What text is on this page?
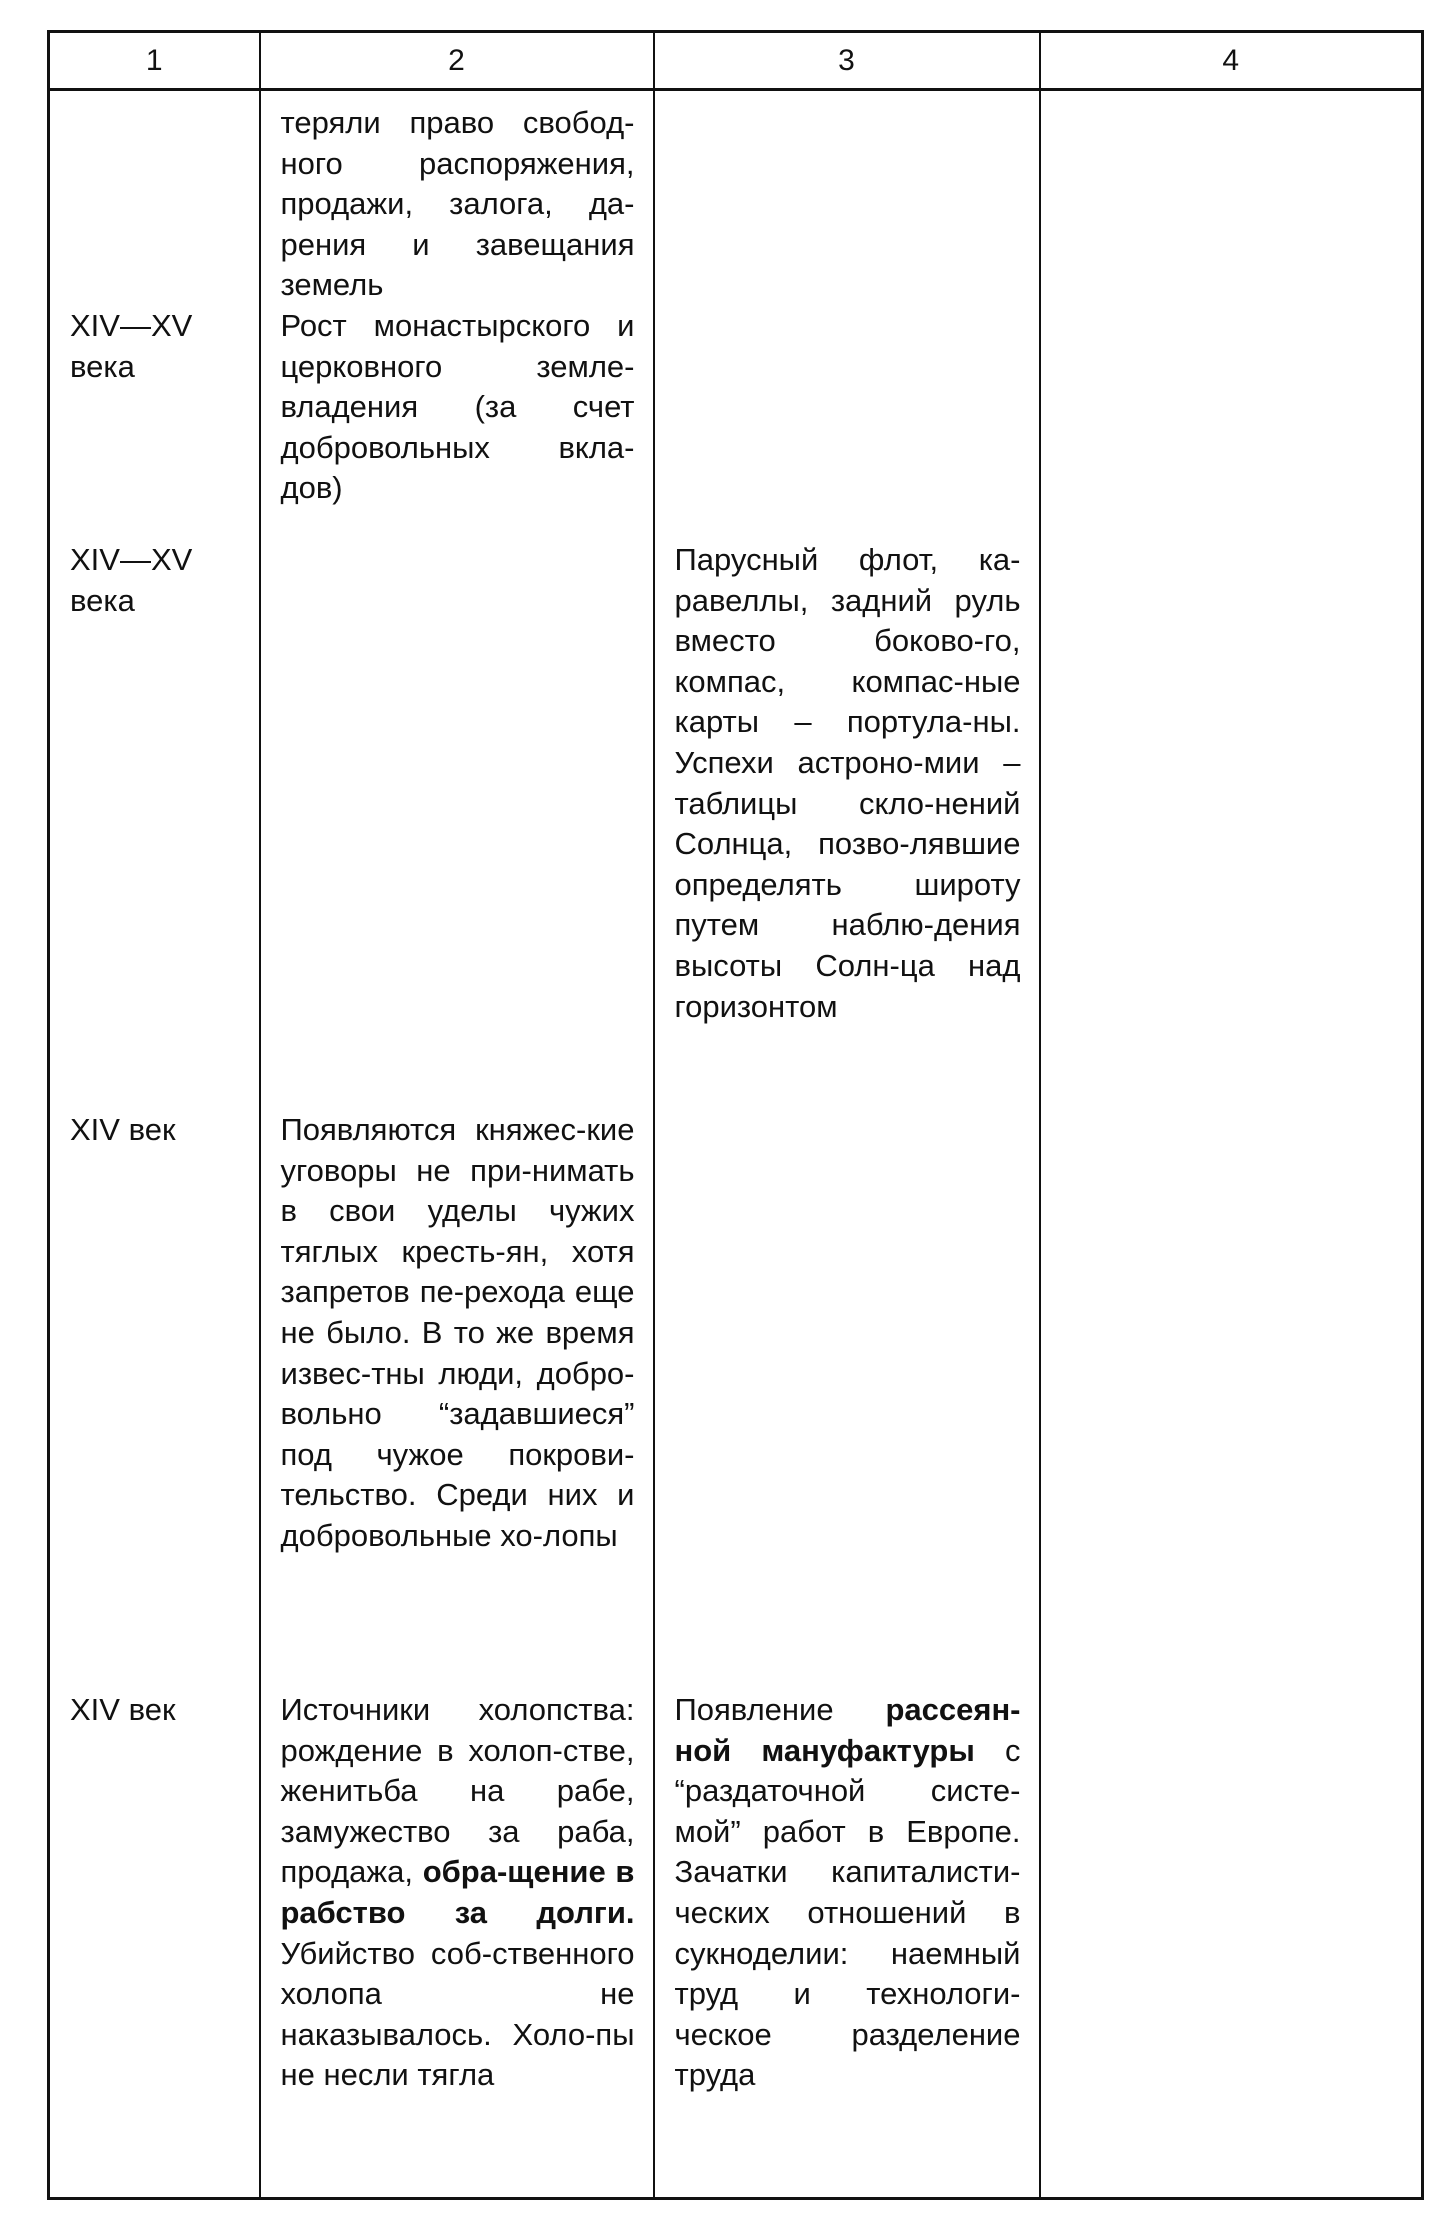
1	2	3	4

	теряли право свобод-ного распоряжения, продажи, залога, да-рения и завещания земель		

XIV—XV века	Рост монастырского и церковного земле-владения (за счет добровольных вкла-дов)		

XIV—XV века		Парусный флот, ка-равеллы, задний руль вместо боково-го, компас, компас-ные карты – портула-ны. Успехи астроно-мии – таблицы скло-нений Солнца, позво-лявшие определять широту путем наблю-дения высоты Солн-ца над горизонтом	

XIV век	Появляются княжес-кие уговоры не при-нимать в свои уделы чужих тяглых кресть-ян, хотя запретов пе-рехода еще не было. В то же время извес-тны люди, добро-вольно “задавшиеся” под чужое покрови-тельство. Среди них и добровольные хо-лопы		

XIV век	Источники холопства: рождение в холоп-стве, женитьба на рабе, замужество за раба, продажа, обра-щение в рабство за долги. Убийство соб-ственного холопа не наказывалось. Холо-пы не несли тягла	Появление рассеян-ной мануфактуры с “раздаточной систе-мой” работ в Европе. Зачатки капиталисти-ческих отношений в сукноделии: наемный труд и технологи-ческое разделение труда	
